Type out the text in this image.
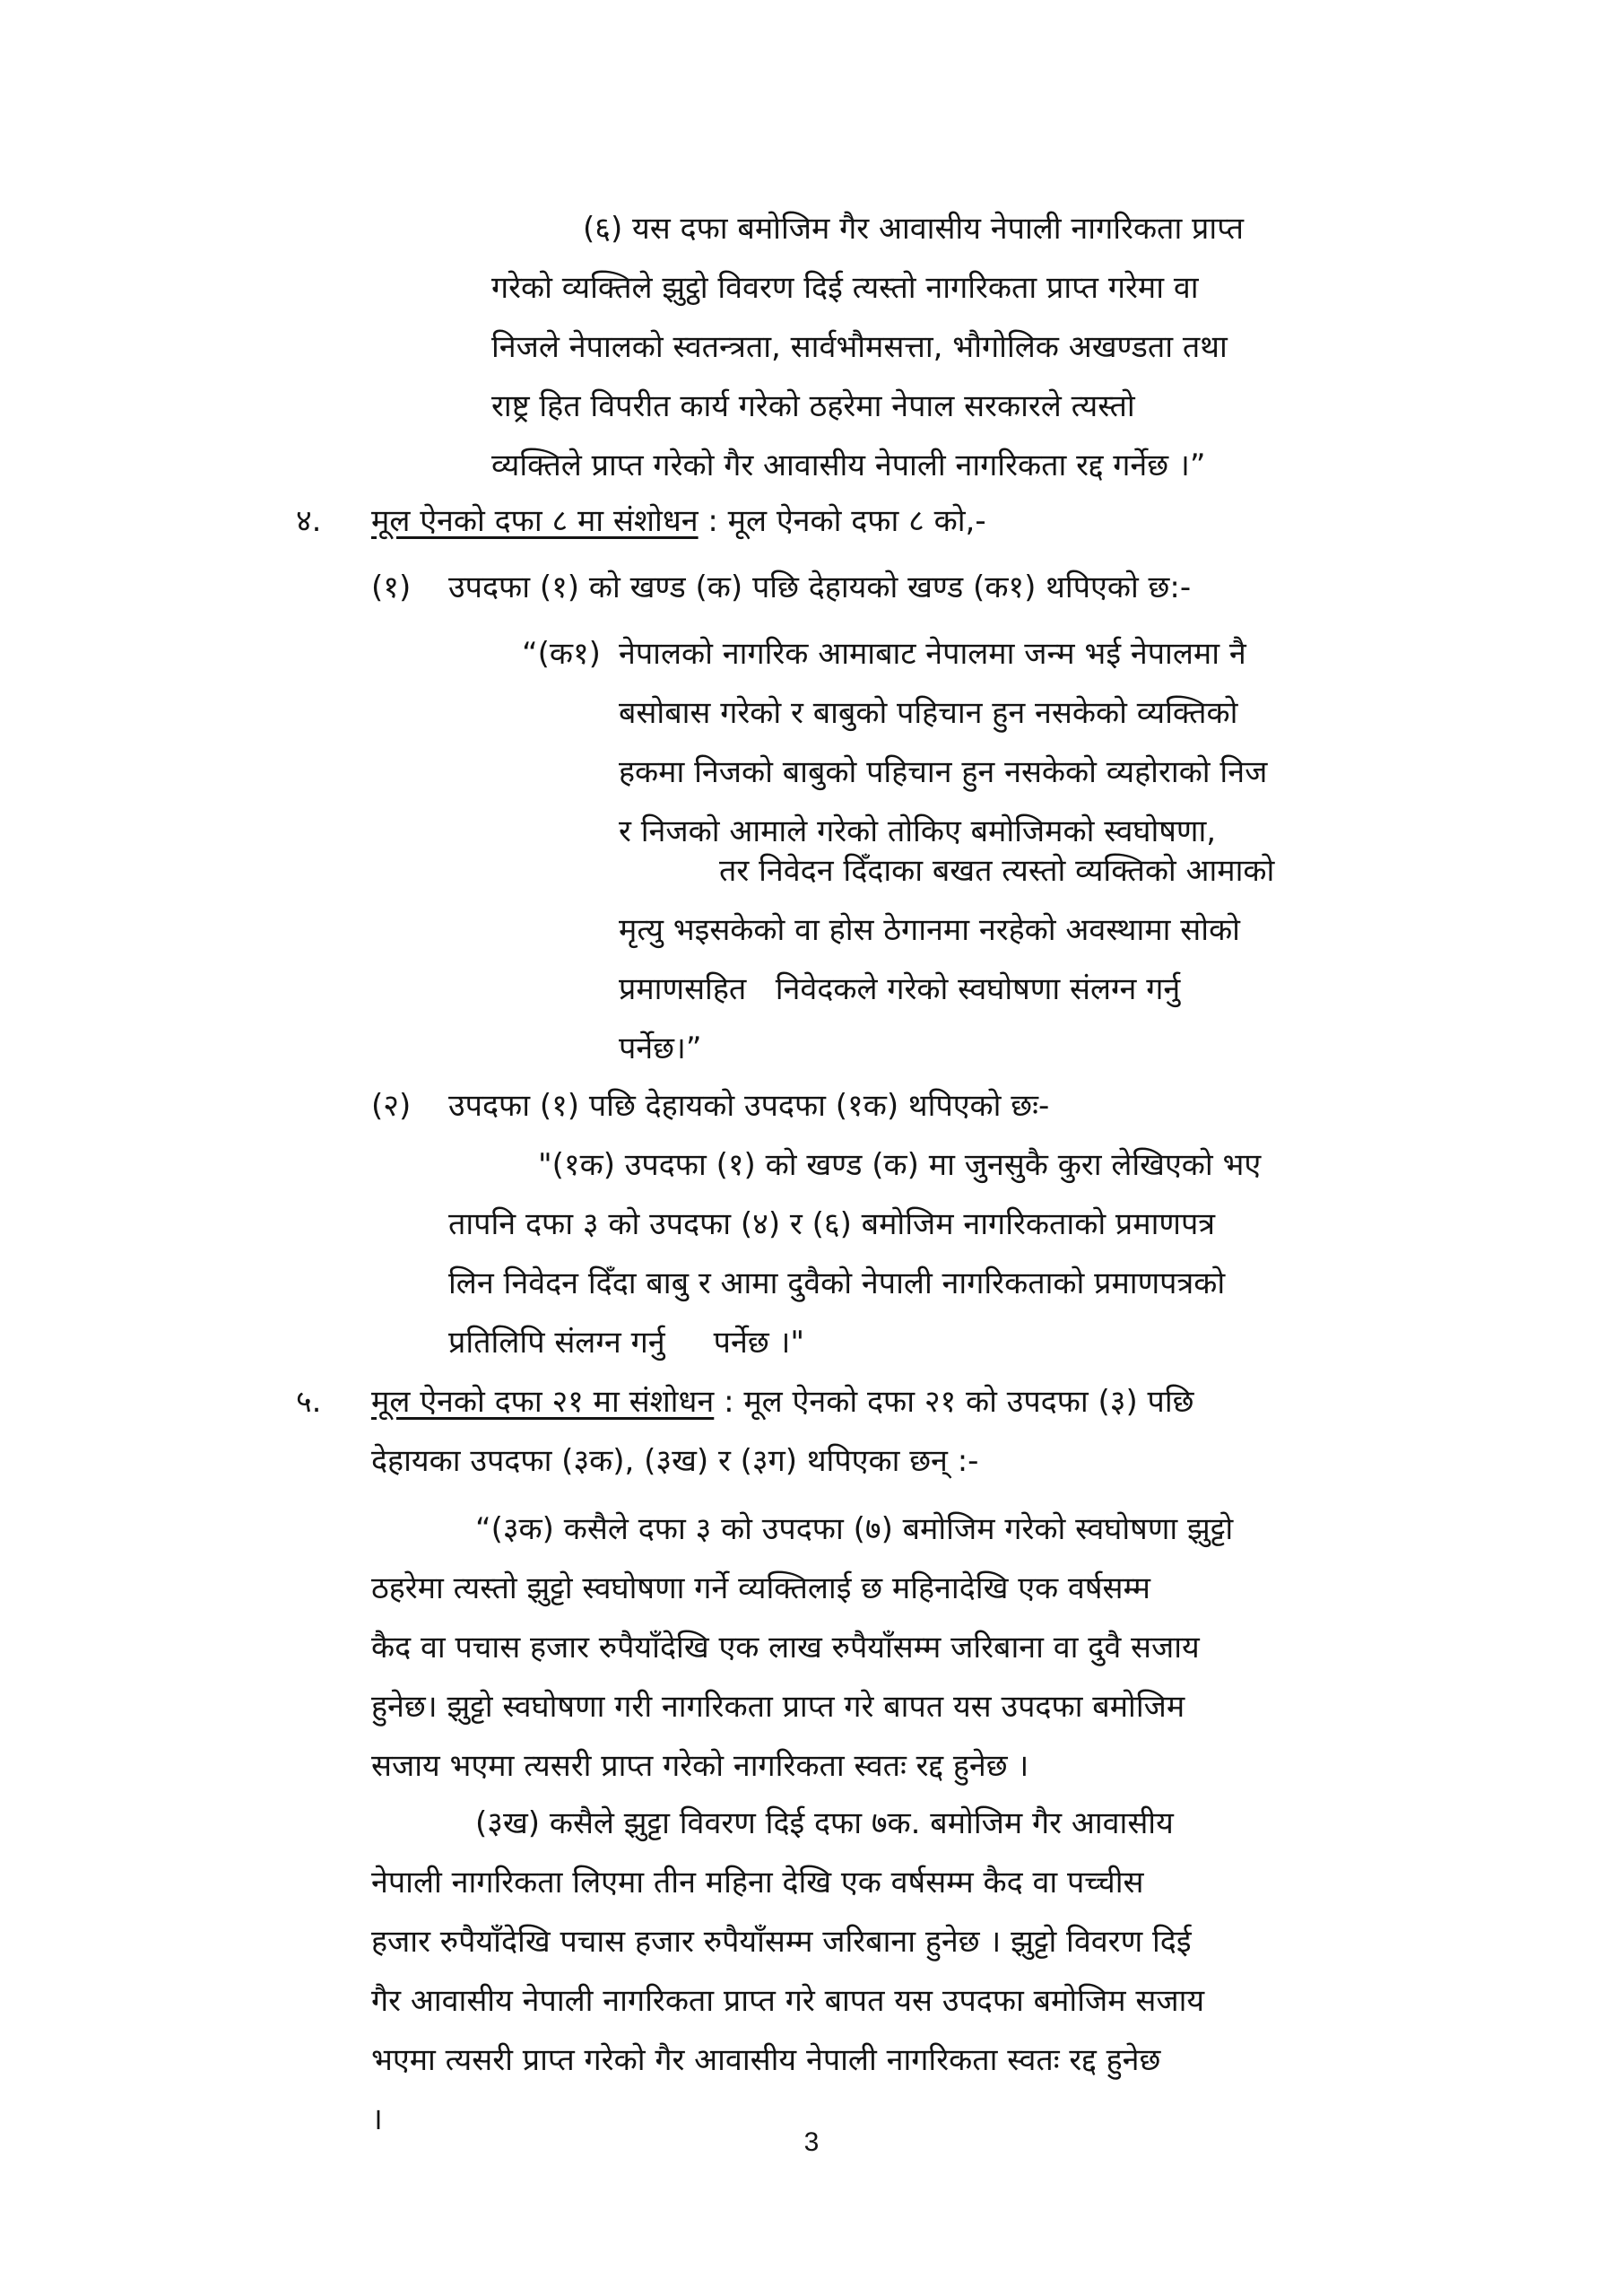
(६) यस दफा बमोजिम गैर आवासीय नेपाली नागरिकता प्राप्त
गरेको व्यक्तिले झुट्ठो विवरण दिई त्यस्तो नागरिकता प्राप्त गरेमा वा
निजले नेपालको स्वतन्त्रता, सार्वभौमसत्ता, भौगोलिक अखण्डता तथा
राष्ट्र हित विपरीत कार्य गरेको ठहरेमा नेपाल सरकारले त्यस्तो
व्यक्तिले प्राप्त गरेको गैर आवासीय नेपाली नागरिकता रद्द गर्नेछ ।”
४. मूल ऐनको दफा ८ मा संशोधन : मूल ऐनको दफा ८ को,-
(१) उपदफा (१) को खण्ड (क) पछि देहायको खण्ड (क१) थपिएको छ:-
“(क१) नेपालको नागरिक आमाबाट नेपालमा जन्म भई नेपालमा नै
बसोबास गरेको र बाबुको पहिचान हुन नसकेको व्यक्तिको
हकमा निजको बाबुको पहिचान हुन नसकेको व्यहोराको निज
र निजको आमाले गरेको तोकिए बमोजिमको स्वघोषणा,
तर निवेदन दिँदाका बखत त्यस्तो व्यक्तिको आमाको
मृत्यु भइसकेको वा होस ठेगानमा नरहेको अवस्थामा सोको
प्रमाणसहित   निवेदकले गरेको स्वघोषणा संलग्न गर्नु
पर्नेछ।”
(२) उपदफा (१) पछि देहायको उपदफा (१क) थपिएको छः-
"(१क) उपदफा (१) को खण्ड (क) मा जुनसुकै कुरा लेखिएको भए
तापनि दफा ३ को उपदफा (४) र (६) बमोजिम नागरिकताको प्रमाणपत्र
लिन निवेदन दिँदा बाबु र आमा दुवैको नेपाली नागरिकताको प्रमाणपत्रको
प्रतिलिपि संलग्न गर्नु     पर्नेछ ।"
५. मूल ऐनको दफा २१ मा संशोधन : मूल ऐनको दफा २१ को उपदफा (३) पछि
देहायका उपदफा (३क), (३ख) र (३ग) थपिएका छन् :-
“(३क) कसैले दफा ३ को उपदफा (७) बमोजिम गरेको स्वघोषणा झुट्टो
ठहरेमा त्यस्तो झुट्टो स्वघोषणा गर्ने व्यक्तिलाई छ महिनादेखि एक वर्षसम्म
कैद वा पचास हजार रुपैयाँदेखि एक लाख रुपैयाँसम्म जरिबाना वा दुवै सजाय
हुनेछ। झुट्टो स्वघोषणा गरी नागरिकता प्राप्त गरे बापत यस उपदफा बमोजिम
सजाय भएमा त्यसरी प्राप्त गरेको नागरिकता स्वतः रद्द हुनेछ ।
(३ख) कसैले झुट्टा विवरण दिई दफा ७क. बमोजिम गैर आवासीय
नेपाली नागरिकता लिएमा तीन महिना देखि एक वर्षसम्म कैद वा पच्चीस
हजार रुपैयाँदेखि पचास हजार रुपैयाँसम्म जरिबाना हुनेछ । झुट्टो विवरण दिई
गैर आवासीय नेपाली नागरिकता प्राप्त गरे बापत यस उपदफा बमोजिम सजाय
भएमा त्यसरी प्राप्त गरेको गैर आवासीय नेपाली नागरिकता स्वतः रद्द हुनेछ
।
3
